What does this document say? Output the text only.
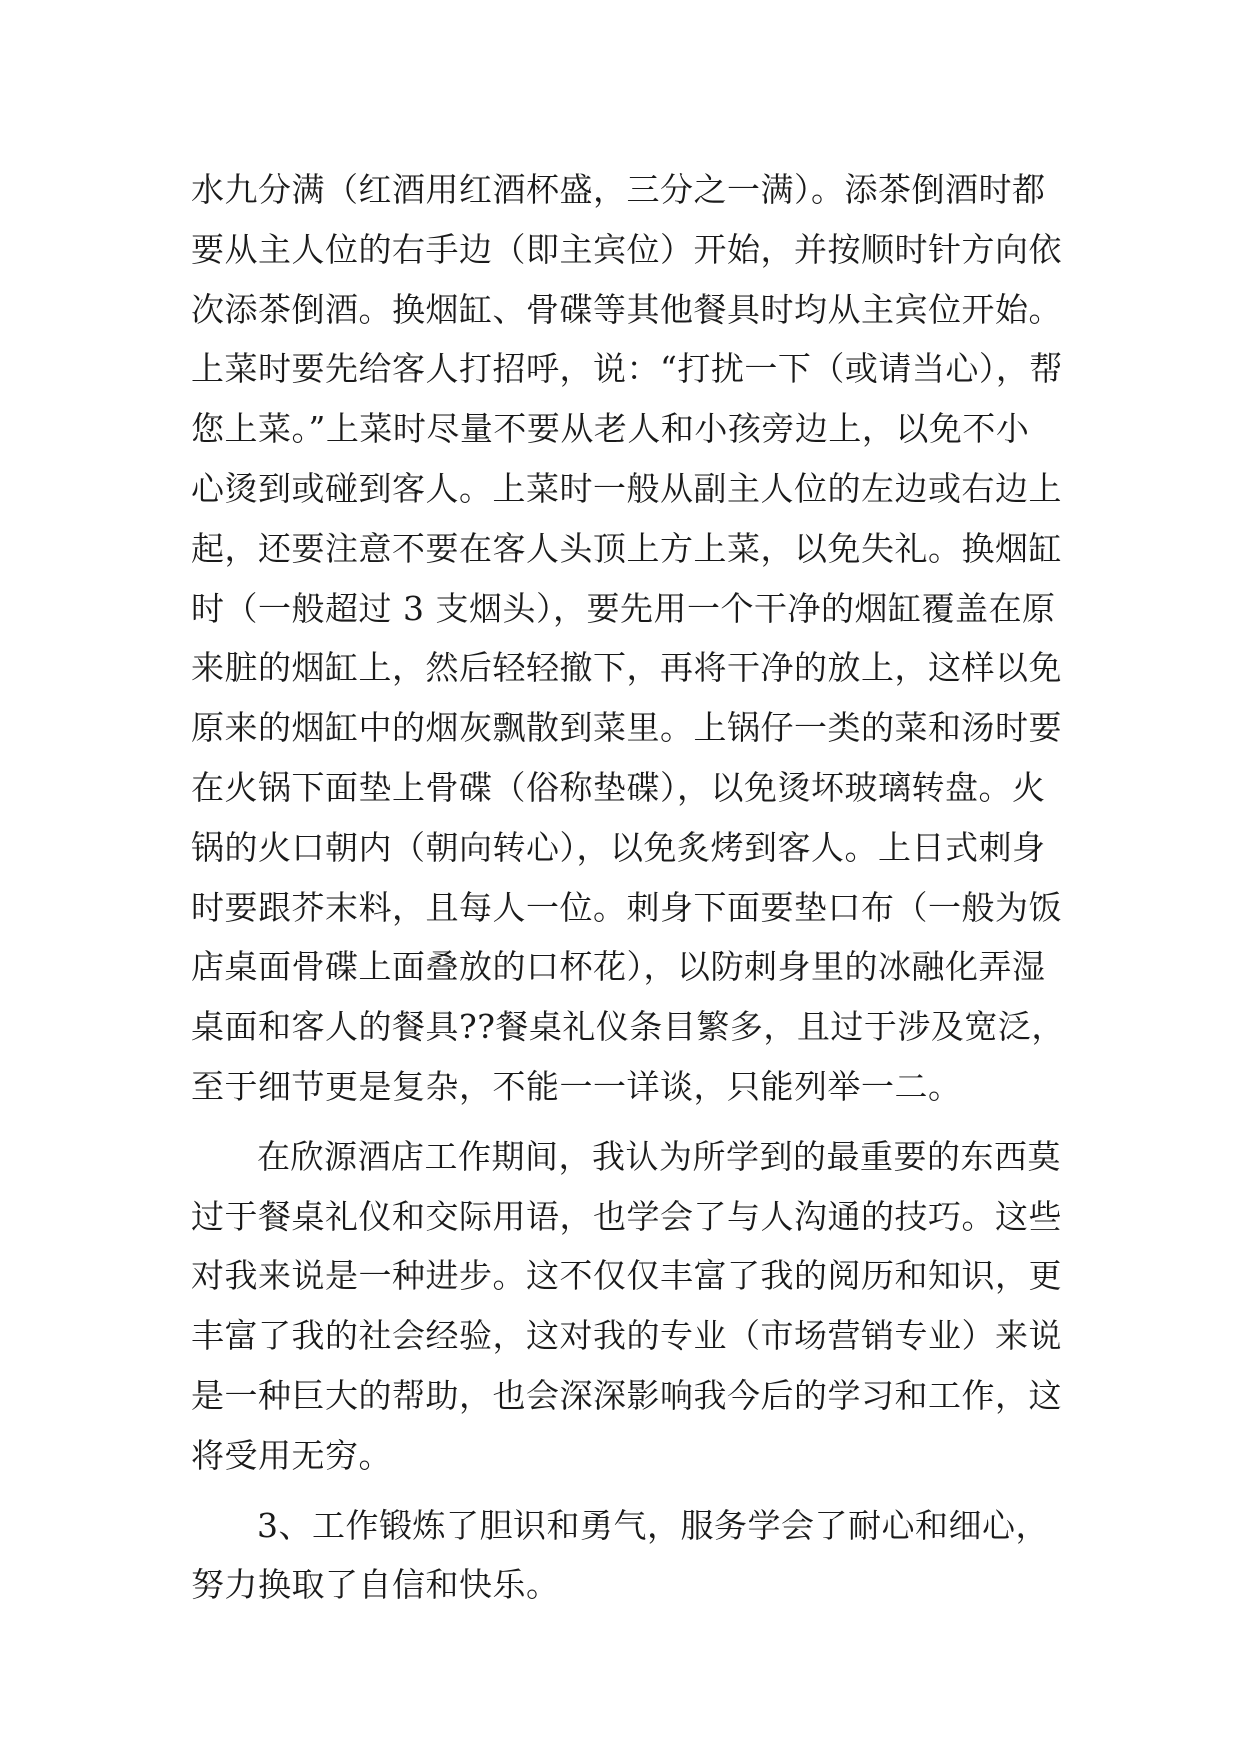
水九分满（红酒用红酒杯盛，三分之一满）。添茶倒酒时都
要从主人位的右手边（即主宾位）开始，并按顺时针方向依
次添茶倒酒。换烟缸、骨碟等其他餐具时均从主宾位开始。
上菜时要先给客人打招呼，说：“打扰一下（或请当心），帮
您上菜。”上菜时尽量不要从老人和小孩旁边上，以免不小
心烫到或碰到客人。上菜时一般从副主人位的左边或右边上
起，还要注意不要在客人头顶上方上菜，以免失礼。换烟缸
时（一般超过 3 支烟头），要先用一个干净的烟缸覆盖在原
来脏的烟缸上，然后轻轻撤下，再将干净的放上，这样以免
原来的烟缸中的烟灰飘散到菜里。上锅仔一类的菜和汤时要
在火锅下面垫上骨碟（俗称垫碟），以免烫坏玻璃转盘。火
锅的火口朝内（朝向转心），以免炙烤到客人。上日式刺身
时要跟芥末料，且每人一位。刺身下面要垫口布（一般为饭
店桌面骨碟上面叠放的口杯花），以防刺身里的冰融化弄湿
桌面和客人的餐具??餐桌礼仪条目繁多，且过于涉及宽泛，
至于细节更是复杂，不能一一详谈，只能列举一二。
在欣源酒店工作期间，我认为所学到的最重要的东西莫
过于餐桌礼仪和交际用语，也学会了与人沟通的技巧。这些
对我来说是一种进步。这不仅仅丰富了我的阅历和知识，更
丰富了我的社会经验，这对我的专业（市场营销专业）来说
是一种巨大的帮助，也会深深影响我今后的学习和工作，这
将受用无穷。
3、工作锻炼了胆识和勇气，服务学会了耐心和细心，
努力换取了自信和快乐。
